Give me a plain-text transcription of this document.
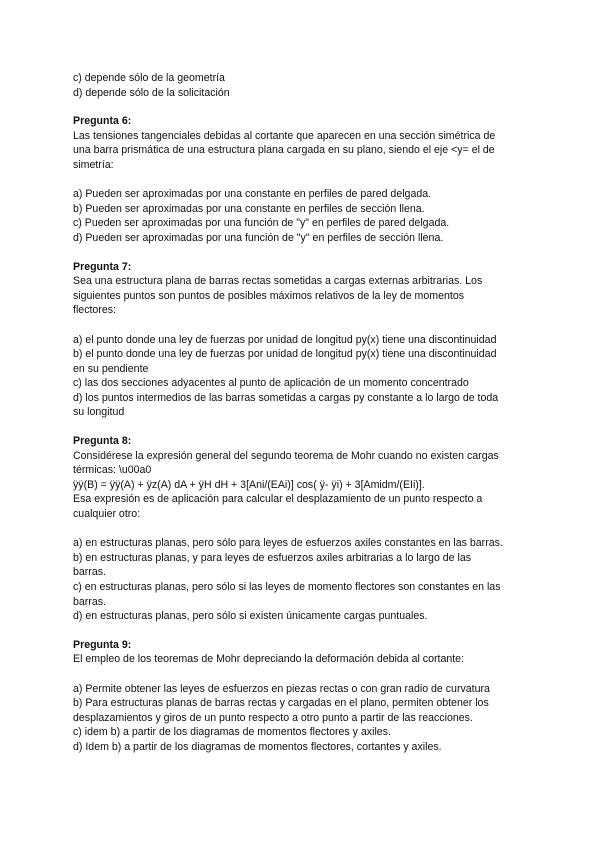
c) depende sólo de la geometría
d) depende sólo de la solicitación
Pregunta 6:
Las tensiones tangenciales debidas al cortante que aparecen en una sección simétrica de
una barra prismática de una estructura plana cargada en su plano, siendo el eje <y= el de
simetría:
a) Pueden ser aproximadas por una constante en perfiles de pared delgada.
b) Pueden ser aproximadas por una constante en perfiles de sección llena.
c) Pueden ser aproximadas por una función de "y" en perfiles de pared delgada.
d) Pueden ser aproximadas por una función de "y" en perfiles de sección llena.
Pregunta 7:
Sea una estructura plana de barras rectas sometidas a cargas externas arbitrarias. Los
siguientes puntos son puntos de posibles máximos relativos de la ley de momentos
flectores:
a) el punto donde una ley de fuerzas por unidad de longitud py(x) tiene una discontinuidad
b) el punto donde una ley de fuerzas por unidad de longitud py(x) tiene una discontinuidad
en su pendiente
c) las dos secciones adyacentes al punto de aplicación de un momento concentrado
d) los puntos intermedios de las barras sometidas a cargas py constante a lo largo de toda
su longitud
Pregunta 8:
Considérese la expresión general del segundo teorema de Mohr cuando no existen cargas
térmicas: \u00a0
ÿÿ(B) = ÿÿ(A) + ÿz(A) dA + ÿH dH + 3[Ani/(EAi)] cos( ÿ- ÿi) + 3[Amidm/(EIi)].
Esa expresión es de aplicación para calcular el desplazamiento de un punto respecto a
cualquier otro:
a) en estructuras planas, pero sólo para leyes de esfuerzos axiles constantes en las barras.
b) en estructuras planas, y para leyes de esfuerzos axiles arbitrarias a lo largo de las
barras.
c) en estructuras planas, pero sólo si las leyes de momento flectores son constantes en las
barras.
d) en estructuras planas, pero sólo si existen únicamente cargas puntuales.
Pregunta 9:
El empleo de los teoremas de Mohr depreciando la deformación debida al cortante:
a) Permite obtener las leyes de esfuerzos en piezas rectas o con gran radio de curvatura
b) Para estructuras planas de barras rectas y cargadas en el plano, permiten obtener los
desplazamientos y giros de un punto respecto a otro punto a partir de las reacciones.
c) idem b) a partir de los diagramas de momentos flectores y axiles.
d) Idem b) a partir de los diagramas de momentos flectores, cortantes y axiles.
